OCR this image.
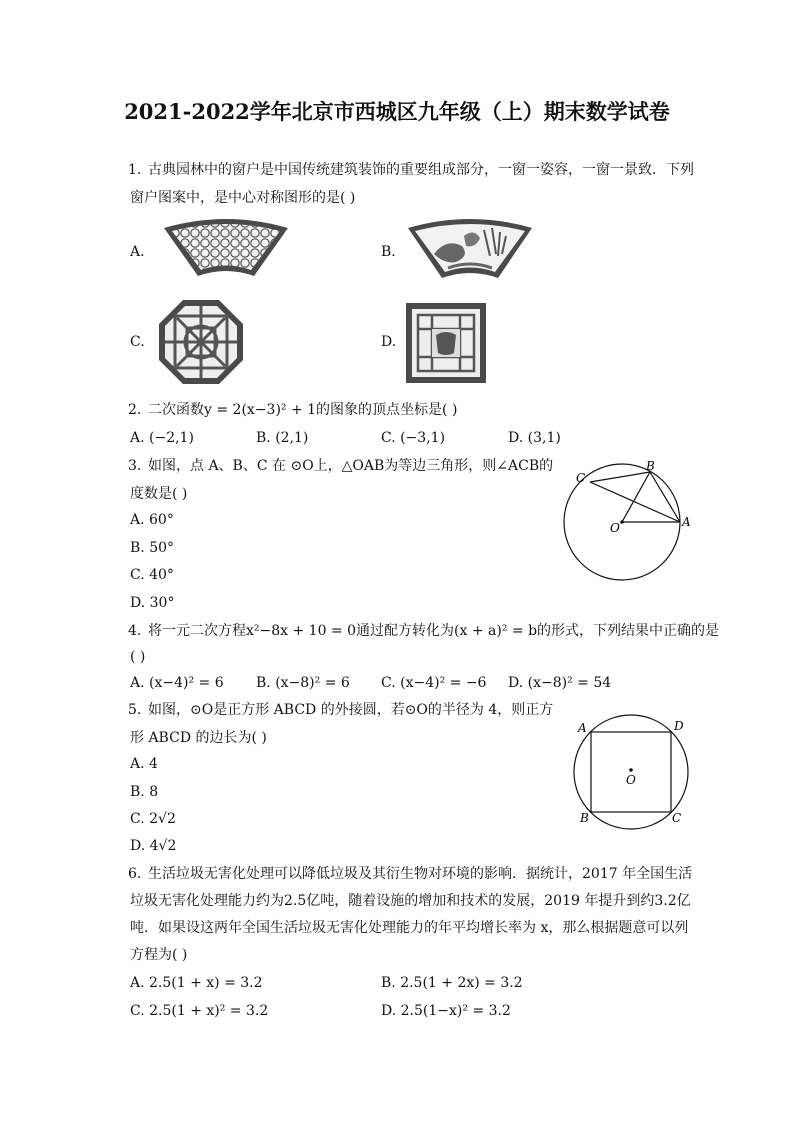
2021-2022学年北京市西城区九年级（上）期末数学试卷
1. 古典园林中的窗户是中国传统建筑装饰的重要组成部分，一窗一姿容，一窗一景致．下列
窗户图案中，是中心对称图形的是( )
A.	B.
C.	D.
2. 二次函数y = 2(x−3)² + 1的图象的顶点坐标是( )
A. (−2,1)	B. (2,1)	C. (−3,1)	D. (3,1)
3. 如图，点 A、B、C 在 ⊙O上，△OAB为等边三角形，则∠ACB的
度数是( )
A. 60°
B. 50°
C. 40°
D. 30°
C
B
O	A
4. 将一元二次方程x²−8x + 10 = 0通过配方转化为(x + a)² = b的形式，下列结果中正确的是
( )
A. (x−4)² = 6 B. (x−8)² = 6 C. (x−4)² = −6 D. (x−8)² = 54
5. 如图，⊙O是正方形 ABCD 的外接圆，若⊙O的半径为 4，则正方
形 ABCD 的边长为( )
A. 4
B. 8
C. 2√2
D. 4√2
A	D
O
B	C
6. 生活垃圾无害化处理可以降低垃圾及其衍生物对环境的影响．据统计，2017 年全国生活
垃圾无害化处理能力约为2.5亿吨，随着设施的增加和技术的发展，2019 年提升到约3.2亿
吨．如果设这两年全国生活垃圾无害化处理能力的年平均增长率为 x，那么根据题意可以列
方程为( )
A. 2.5(1 + x) = 3.2	B. 2.5(1 + 2x) = 3.2
C. 2.5(1 + x)² = 3.2	D. 2.5(1−x)² = 3.2
